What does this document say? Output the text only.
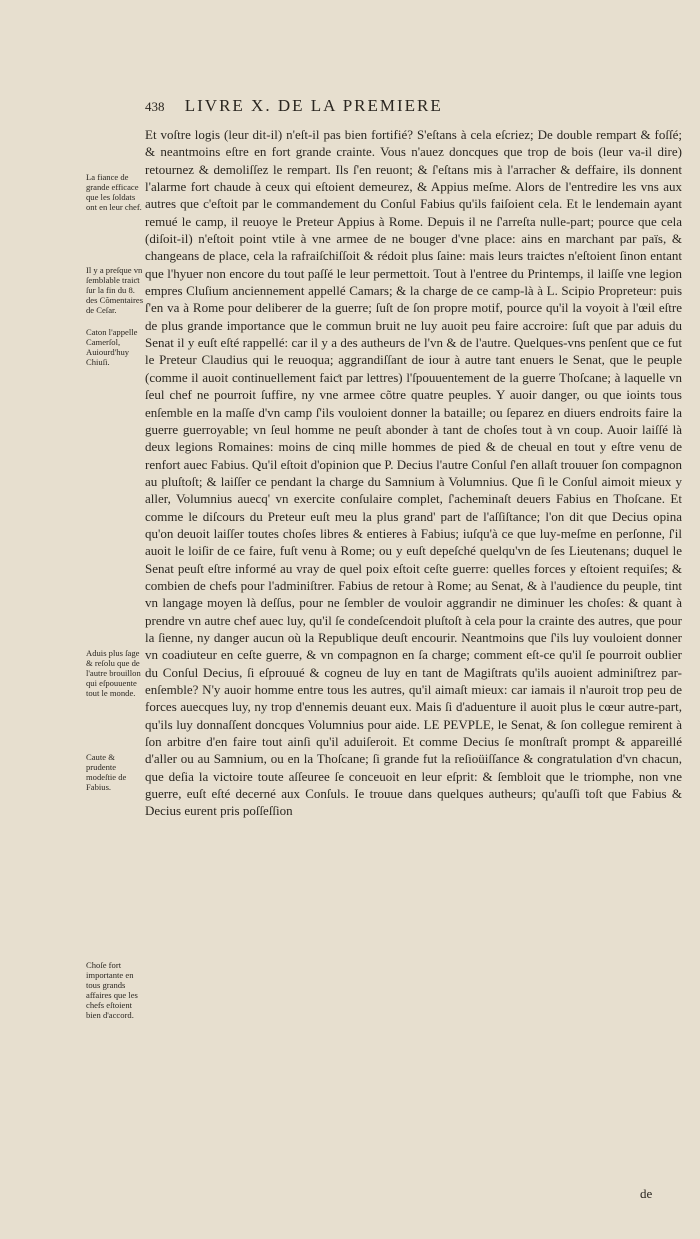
438 LIVRE X. DE LA PREMIERE
La fiance de grande efficace que les ſoldats ont en leur chef.
Il y a preſque vn ſemblable traiƈt ſur la fin du 8. des Cõmentaires de Ceſar.
Caton l'appelle Camerſol, Auiourd'huy Chiuſi.
Aduis plus ſage & reſolu que de l'autre brouillon qui eſpouuente tout le monde.
Caute & prudente modeſtie de Fabius.
Choſe fort importante en tous grands affaires que les chefs eſtoient bien d'accord.

Et voſtre logis (leur dit-il) n'eſt-il pas bien fortifié? S'eſtans à cela eſcriez; De double rempart & foſſé; & neantmoins eſtre en fort grande crainte. Vous n'auez doncques que trop de bois (leur va-il dire) retournez & demoliſſez le rempart. Ils ſ'en reuont; & ſ'eſtans mis à l'arracher & deffaire, ils donnent l'alarme fort chaude à ceux qui eſtoient demeurez, & Appius meſme. Alors de l'entredire les vns aux autres que c'eſtoit par le commandement du Conſul Fabius qu'ils faiſoient cela. Et le lendemain ayant remué le camp, il reuoye le Preteur Appius à Rome. Depuis il ne ſ'arreſta nulle-part; pource que cela (diſoit-il) n'eſtoit point vtile à vne armee de ne bouger d'vne place: ains en marchant par païs, & changeans de place, cela la rafraiſchiſſoit & rédoit plus ſaine: mais leurs traiƈtes n'eſtoient ſinon entant que l'hyuer non encore du tout paſſé le leur permettoit. Tout à l'entree du Printemps, il laiſſe vne legion empres Cluſium anciennement appellé Camars; & la charge de ce camp-là à L. Scipio Propreteur: puis ſ'en va à Rome pour deliberer de la guerre; ſuſt de ſon propre motif, pource qu'il la voyoit à l'œil eſtre de plus grande importance que le commun bruit ne luy auoit peu faire accroire: ſuſt que par aduis du Senat il y euſt eſté rappellé: car il y a des autheurs de l'vn & de l'autre. Quelques-vns penſent que ce fut le Preteur Claudius qui le reuoqua; aggrandiſſant de iour à autre tant enuers le Senat, que le peuple (comme il auoit continuellement faiƈt par lettres) l'ſpouuentement de la guerre Thoſcane; à laquelle vn ſeul chef ne pourroit ſuffire, ny vne armee cõtre quatre peuples. Y auoir danger, ou que ioints tous enſemble en la maſſe d'vn camp ſ'ils vouloient donner la bataille; ou ſeparez en diuers endroits faire la guerre guerroyable; vn ſeul homme ne peuſt abonder à tant de choſes tout à vn coup. Auoir laiſſé là deux legions Romaines: moins de cinq mille hommes de pied & de cheual en tout y eſtre venu de renfort auec Fabius. Qu'il eſtoit d'opinion que P. Decius l'autre Conſul ſ'en allaſt trouuer ſon compagnon au pluſtoſt; & laiſſer ce pendant la charge du Samnium à Volumnius. Que ſi le Conſul aimoit mieux y aller, Volumnius auecq' vn exercite conſulaire complet, ſ'acheminaſt deuers Fabius en Thoſcane. Et comme le diſcours du Preteur euſt meu la plus grand' part de l'aſſiſtance; l'on dit que Decius opina qu'on deuoit laiſſer toutes choſes libres & entieres à Fabius; iuſqu'à ce que luy-meſme en perſonne, ſ'il auoit le loiſir de ce faire, fuſt venu à Rome; ou y euſt depeſché quelqu'vn de ſes Lieutenans; duquel le Senat peuſt eſtre informé au vray de quel poix eſtoit ceſte guerre: quelles forces y eſtoient requiſes; & combien de chefs pour l'adminiſtrer. Fabius de retour à Rome; au Senat, & à l'audience du peuple, tint vn langage moyen là deſſus, pour ne ſembler de vouloir aggrandir ne diminuer les choſes: & quant à prendre vn autre chef auec luy, qu'il ſe condeſcendoit pluſtoſt à cela pour la crainte des autres, que pour la ſienne, ny danger aucun où la Republique deuſt encourir. Neantmoins que ſ'ils luy vouloient donner vn coadiuteur en ceſte guerre, & vn compagnon en ſa charge; comment eſt-ce qu'il ſe pourroit oublier du Conſul Decius, ſi eſprouué & cogneu de luy en tant de Magiſtrats qu'ils auoient adminiſtrez par-enſemble? N'y auoir homme entre tous les autres, qu'il aimaſt mieux: car iamais il n'auroit trop peu de forces auecques luy, ny trop d'ennemis deuant eux. Mais ſi d'aduenture il auoit plus le cœur autre-part, qu'ils luy donnaſſent doncques Volumnius pour aide. LE PEVPLE, le Senat, & ſon collegue remirent à ſon arbitre d'en faire tout ainſi qu'il aduiſeroit. Et comme Decius ſe monſtraſt prompt & appareillé d'aller ou au Samnium, ou en la Thoſcane; ſi grande fut la reſioüiſſance & congratulation d'vn chacun, que deſia la victoire toute aſſeuree ſe conceuoit en leur eſprit: & ſembloit que le triomphe, non vne guerre, euſt eſté decerné aux Conſuls. Ie trouue dans quelques autheurs; qu'auſſi toſt que Fabius & Decius eurent pris poſſeſſion

de
